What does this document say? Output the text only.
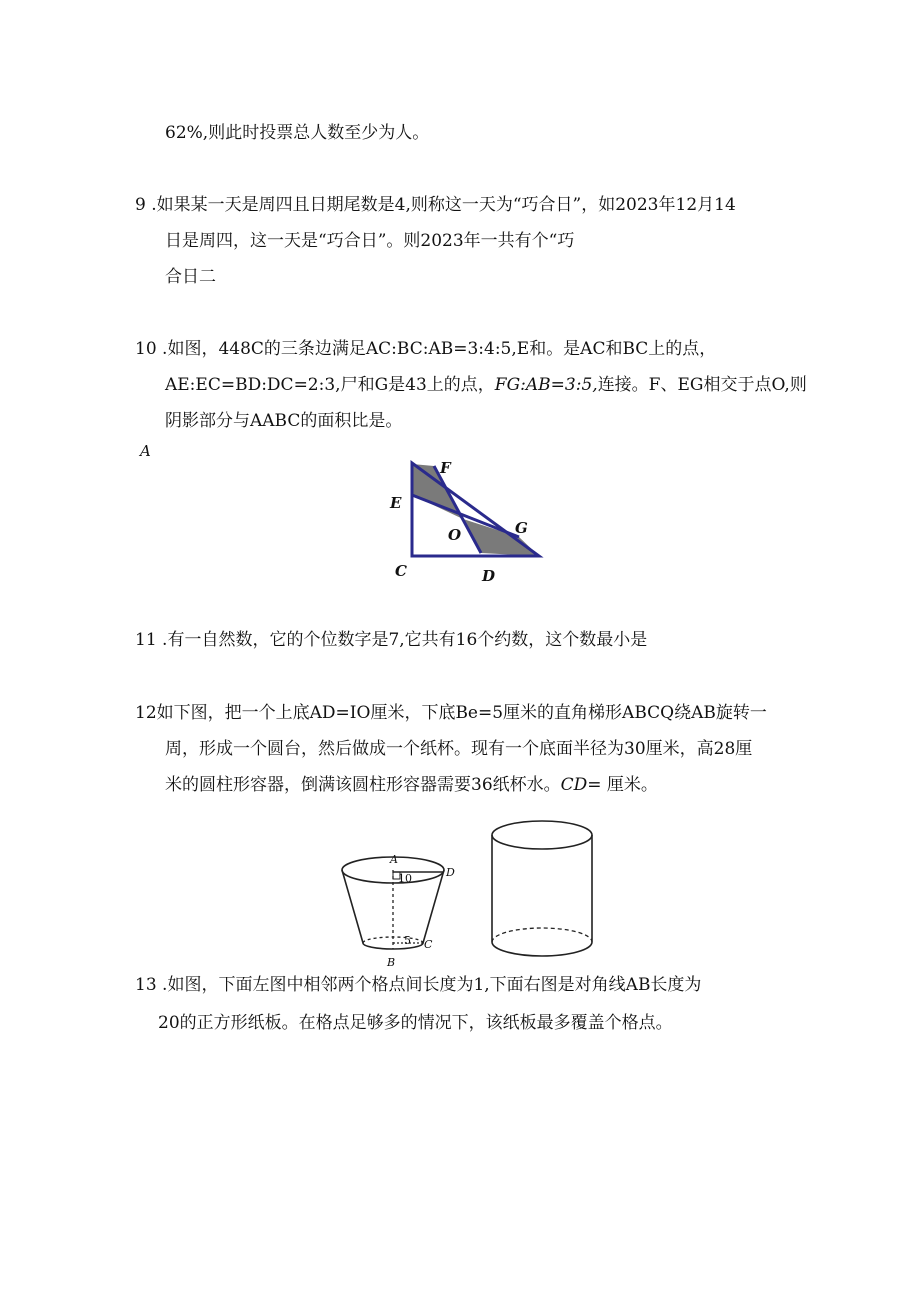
62%,则此时投票总人数至少为人。
9 .如果某一天是周四且日期尾数是4,则称这一天为“巧合日”，如2023年12月14
日是周四，这一天是“巧合日”。则2023年一共有个“巧
合日二
10 .如图，448C的三条边满足AC:BC:AB=3:4:5,E和。是AC和BC上的点，
AE:EC=BD:DC=2:3,尸和G是43上的点，FG:AB=3:5,连接。F、EG相交于点O,则
阴影部分与AABC的面积比是。
A
F
E
O	G
C	D
11 .有一自然数，它的个位数字是7,它共有16个约数，这个数最小是
12如下图，把一个上底AD=IO厘米，下底Be=5厘米的直角梯形ABCQ绕AB旋转一
周，形成一个圆台，然后做成一个纸杯。现有一个底面半径为30厘米，高28厘
米的圆柱形容器，倒满该圆柱形容器需要36纸杯水。CD= 厘米。
A
D
10
5 C
B
13 .如图，下面左图中相邻两个格点间长度为1,下面右图是对角线AB长度为
20的正方形纸板。在格点足够多的情况下，该纸板最多覆盖个格点。
